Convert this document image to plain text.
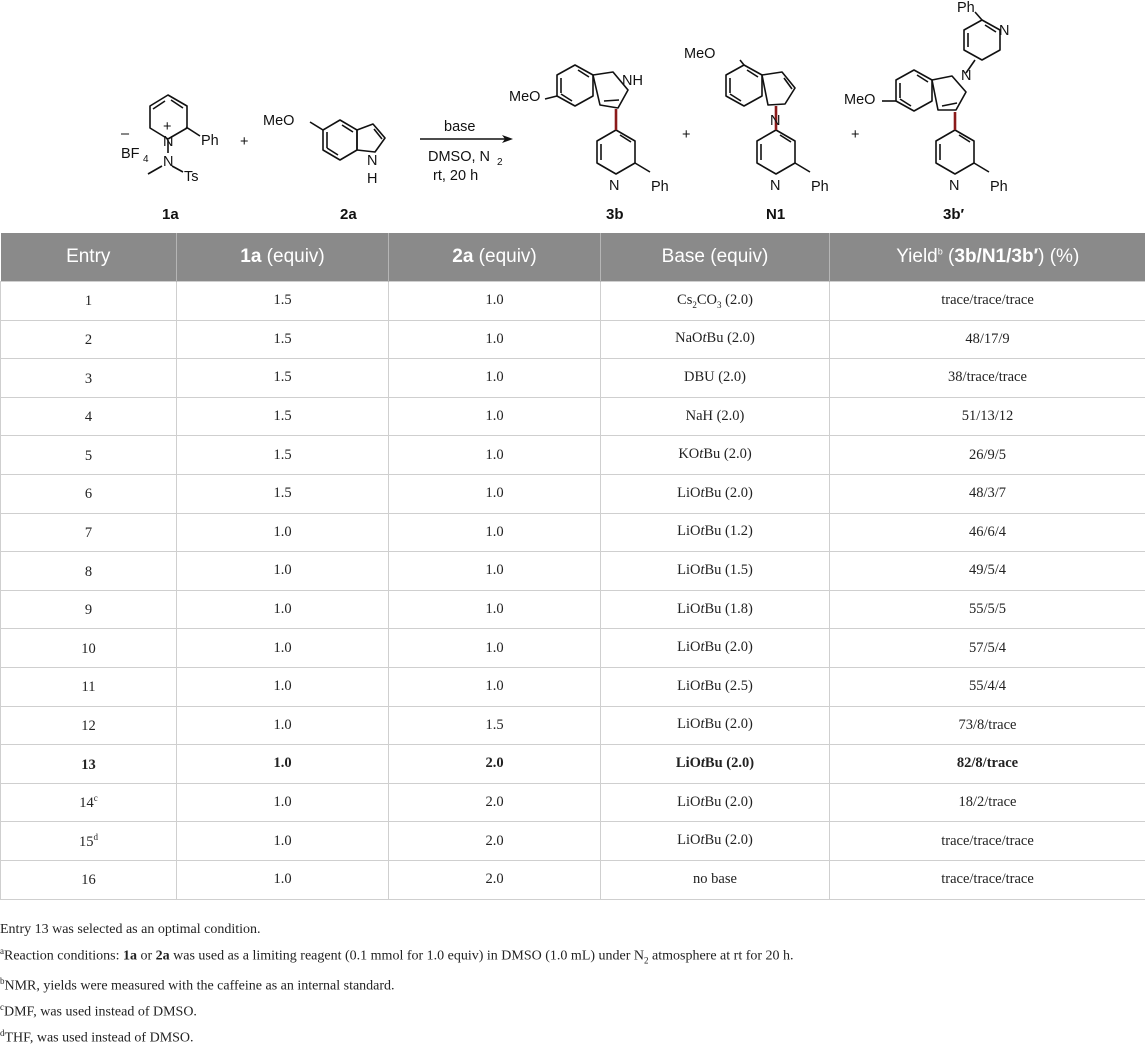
–
BF 4
+
N
N
Ph
Ts
1a
+
MeO
N
H
2a
base
DMSO, N 2
rt, 20 h
MeO
NH
N Ph
3b
+
MeO
N
N Ph
N1
+
MeO
N
N Ph
Ph
N
3b′
Entry	1a (equiv)	2a (equiv)	Base (equiv)	Yield$^b$ (3b/N1/3b′) (%)
1	1.5	1.0	$Cs_2CO_3$ (2.0)	trace/trace/trace
2	1.5	1.0	NaOtBu (2.0)	48/17/9
3	1.5	1.0	DBU (2.0)	38/trace/trace
4	1.5	1.0	NaH (2.0)	51/13/12
5	1.5	1.0	KOtBu (2.0)	26/9/5
6	1.5	1.0	LiOtBu (2.0)	48/3/7
7	1.0	1.0	LiOtBu (1.2)	46/6/4
8	1.0	1.0	LiOtBu (1.5)	49/5/4
9	1.0	1.0	LiOtBu (1.8)	55/5/5
10	1.0	1.0	LiOtBu (2.0)	57/5/4
11	1.0	1.0	LiOtBu (2.5)	55/4/4
12	1.0	1.5	LiOtBu (2.0)	73/8/trace
13	1.0	2.0	LiOtBu (2.0)	82/8/trace
14$^c$	1.0	2.0	LiOtBu (2.0)	18/2/trace
15$^d$	1.0	2.0	LiOtBu (2.0)	trace/trace/trace
16	1.0	2.0	no base	trace/trace/trace
Entry 13 was selected as an optimal condition.
$^a$Reaction conditions: 1a or 2a was used as a limiting reagent (0.1 mmol for 1.0 equiv) in DMSO (1.0 mL) under $N_2$ atmosphere at rt for 20 h.
$^b$NMR, yields were measured with the caffeine as an internal standard.
$^c$DMF, was used instead of DMSO.
$^d$THF, was used instead of DMSO.
